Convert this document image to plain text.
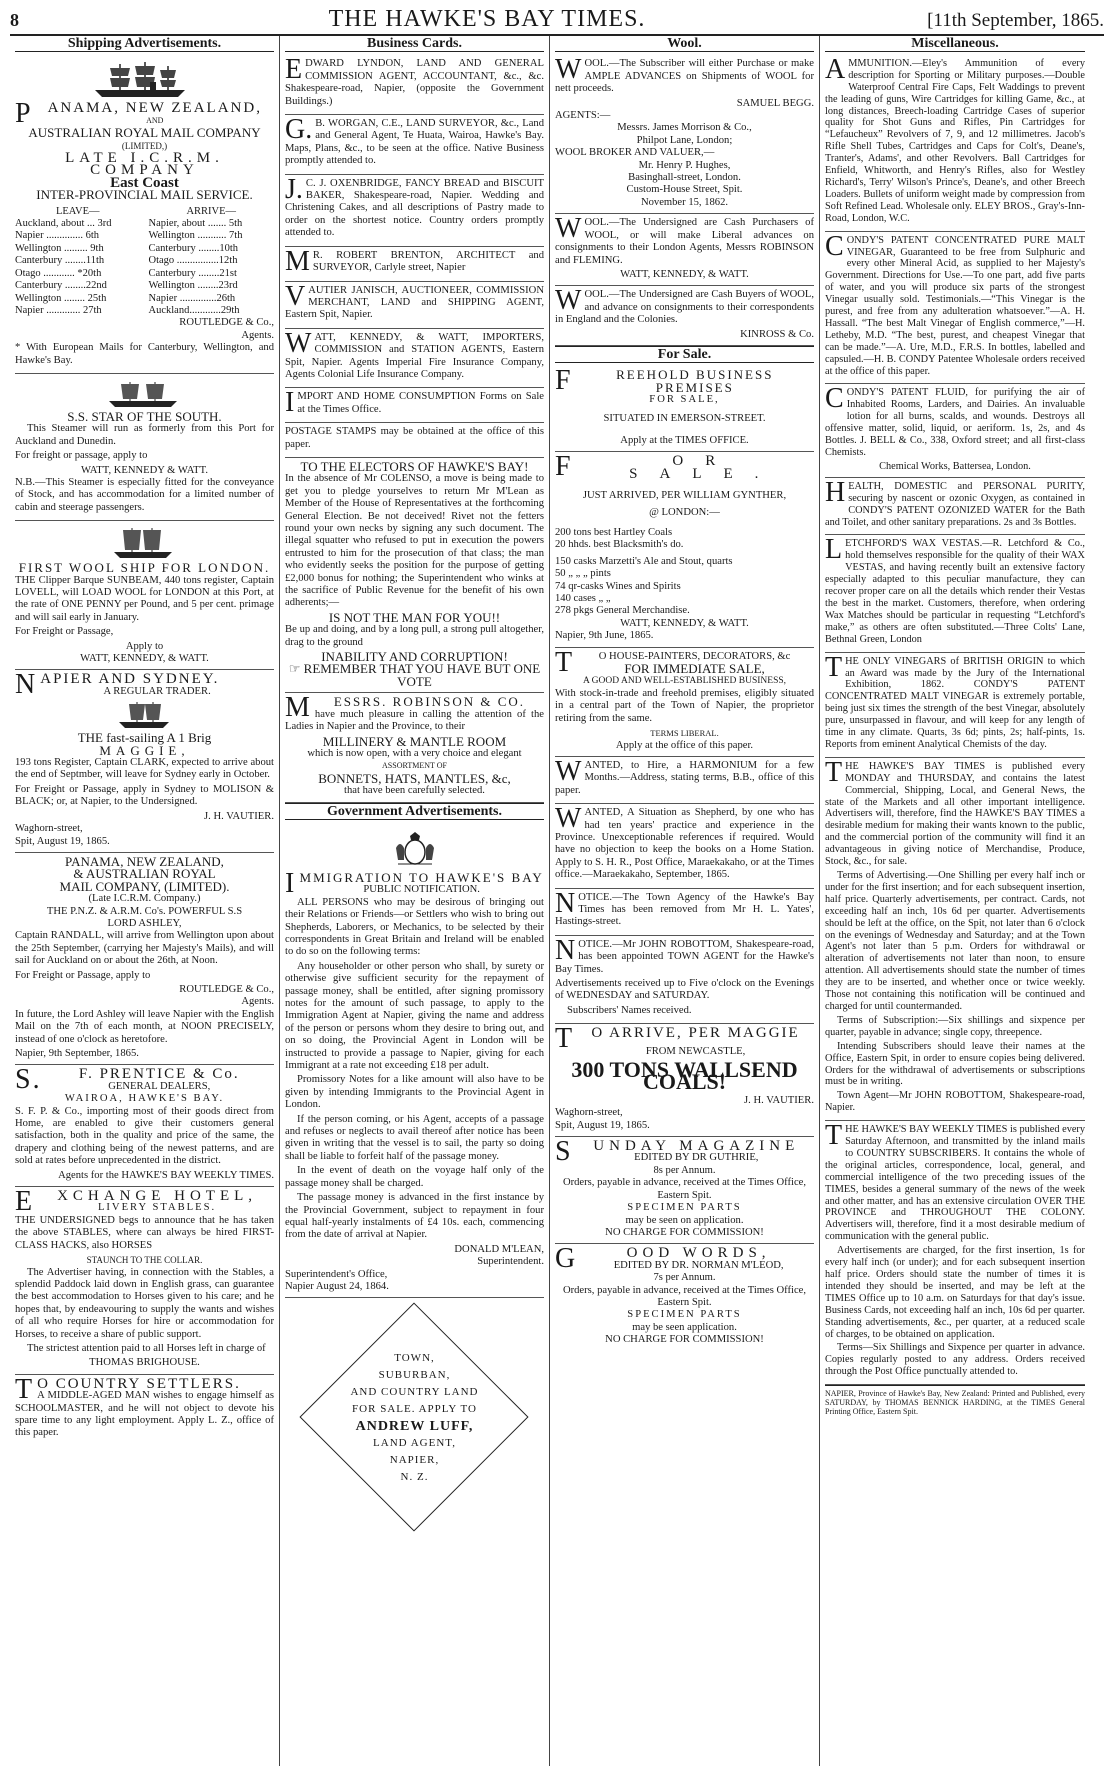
8	THE HAWKE'S BAY TIMES.	[11th September, 1865.
Shipping Advertisements.
PANAMA, NEW ZEALAND,
AND
AUSTRALIAN ROYAL MAIL COMPANY
(LIMITED,)
LATE I.C.R.M. COMPANY
East Coast
INTER-PROVINCIAL MAIL SERVICE.
LEAVE—	ARRIVE—
Auckland, about ... 3rd	Napier, about ....... 5th
Napier .............. 6th	Wellington ........... 7th
Wellington ......... 9th	Canterbury ........10th
Canterbury ........11th	Otago ................12th
Otago ............ *20th	Canterbury ........21st
Canterbury ........22nd	Wellington ........23rd
Wellington ........ 25th	Napier ..............26th
Napier ............. 27th	Auckland............29th
ROUTLEDGE & Co.,
Agents.

* With European Mails for Canterbury, Wellington, and Hawke's Bay.

S.S. STAR OF THE SOUTH.

This Steamer will run as formerly from this Port for Auckland and Dunedin.

For freight or passage, apply to

WATT, KENNEDY & WATT.

N.B.—This Steamer is especially fitted for the conveyance of Stock, and has accommodation for a limited number of cabin and steerage passengers.

FIRST WOOL SHIP FOR LONDON.

THE Clipper Barque SUNBEAM, 440 tons register, Captain LOVELL, will LOAD WOOL for LONDON at this Port, at the rate of ONE PENNY per Pound, and 5 per cent. primage and will sail early in January.

For Freight or Passage,

Apply to
WATT, KENNEDY, & WATT.
NAPIER AND SYDNEY.
A REGULAR TRADER.
THE fast-sailing A 1 Brig
MAGGIE,

193 tons Register, Captain CLARK, expected to arrive about the end of Septmber, will leave for Sydney early in October.

For Freight or Passage, apply in Sydney to MOLISON & BLACK; or, at Napier, to the Undersigned.

J. H. VAUTIER.
Waghorn-street,
Spit, August 19, 1865.
PANAMA, NEW ZEALAND,
& AUSTRALIAN ROYAL
MAIL COMPANY, (LIMITED).
(Late I.C.R.M. Company.)
THE P.N.Z. & A.R.M. Co's. POWERFUL S.S
LORD ASHLEY,

Captain RANDALL, will arrive from Wellington upon about the 25th September, (carrying her Majesty's Mails), and will sail for Auckland on or about the 26th, at Noon.

For Freight or Passage, apply to

ROUTLEDGE & Co.,
Agents.

In future, the Lord Ashley will leave Napier with the English Mail on the 7th of each month, at NOON PRECISELY, instead of one o'clock as heretofore.

Napier, 9th September, 1865.
S.F. PRENTICE & Co.
GENERAL DEALERS,
WAIROA, HAWKE'S BAY.

S. F. P. & Co., importing most of their goods direct from Home, are enabled to give their customers general satisfaction, both in the quality and price of the same, the drapery and clothing being of the newest patterns, and are sold at rates before unprecedented in the district.

Agents for the HAWKE'S BAY WEEKLY TIMES.
EXCHANGE HOTEL,
LIVERY STABLES.

THE UNDERSIGNED begs to announce that he has taken the above STABLES, where can always be hired FIRST-CLASS HACKS, also HORSES

STAUNCH TO THE COLLAR.

The Advertiser having, in connection with the Stables, a splendid Paddock laid down in English grass, can guarantee the best accommodation to Horses given to his care; and he hopes that, by endeavouring to supply the wants and wishes of all who require Horses for hire or accommodation for Horses, to receive a share of public support.

The strictest attention paid to all Horses left in charge of

THOMAS BRIGHOUSE.
TO COUNTRY SETTLERS.

A MIDDLE-AGED MAN wishes to engage himself as SCHOOLMASTER, and he will not object to devote his spare time to any light employment. Apply L. Z., office of this paper.

Business Cards.

EDWARD LYNDON, LAND AND GENERAL COMMISSION AGENT, ACCOUNTANT, &c., &c. Shakespeare-road, Napier, (opposite the Government Buildings.)

G.B. WORGAN, C.E., LAND SURVEYOR, &c., Land and General Agent, Te Huata, Wairoa, Hawke's Bay. Maps, Plans, &c., to be seen at the office. Native Business promptly attended to.

J.C. J. OXENBRIDGE, FANCY BREAD and BISCUIT BAKER, Shakespeare-road, Napier. Wedding and Christening Cakes, and all descriptions of Pastry made to order on the shortest notice. Country orders promptly attended to.

MR. ROBERT BRENTON, ARCHITECT and SURVEYOR, Carlyle street, Napier

VAUTIER JANISCH, AUCTIONEER, COMMISSION MERCHANT, LAND and SHIPPING AGENT, Eastern Spit, Napier.

WATT, KENNEDY, & WATT, IMPORTERS, COMMISSION and STATION AGENTS, Eastern Spit, Napier. Agents Imperial Fire Insurance Company, Agents Colonial Life Insurance Company.

IMPORT AND HOME CONSUMPTION Forms on Sale at the Times Office.

POSTAGE STAMPS may be obtained at the office of this paper.

TO THE ELECTORS OF HAWKE'S BAY!

In the absence of Mr COLENSO, a move is being made to get you to pledge yourselves to return Mr M'Lean as Member of the House of Representatives at the forthcoming General Election. Be not deceived! Rivet not the fetters round your own necks by signing any such document. The illegal squatter who refused to put in execution the powers entrusted to him for the prosecution of that class; the man who evidently seeks the position for the purpose of getting £2,000 bonus for nothing; the Superintendent who winks at the sacrifice of Public Revenue for the benefit of his own adherents;—

IS NOT THE MAN FOR YOU!!

Be up and doing, and by a long pull, a strong pull altogether, drag to the ground

INABILITY AND CORRUPTION!
☞ REMEMBER THAT YOU HAVE BUT ONE VOTE
MESSRS. ROBINSON & CO.

have much pleasure in calling the attention of the Ladies in Napier and the Province, to their

MILLINERY & MANTLE ROOM
which is now open, with a very choice and elegant
ASSORTMENT OF
BONNETS, HATS, MANTLES, &c,
that have been carefully selected.
Government Advertisements.
IMMIGRATION TO HAWKE'S BAY
PUBLIC NOTIFICATION.

ALL PERSONS who may be desirous of bringing out their Relations or Friends—or Settlers who wish to bring out Shepherds, Laborers, or Mechanics, to be selected by their correspondents in Great Britain and Ireland will be enabled to do so on the following terms:

Any householder or other person who shall, by surety or otherwise give sufficient security for the repayment of passage money, shall be entitled, after signing promissory notes for the amount of such passage, to apply to the Immigration Agent at Napier, giving the name and address of the person or persons whom they desire to bring out, and on so doing, the Provincial Agent in London will be instructed to provide a passage to Napier, giving for each Immigrant at a rate not exceeding £18 per adult.

Promissory Notes for a like amount will also have to be given by intending Immigrants to the Provincial Agent in London.

If the person coming, or his Agent, accepts of a passage and refuses or neglects to avail thereof after notice has been given in writing that the vessel is to sail, the party so doing shall be liable to forfeit half of the passage money.

In the event of death on the voyage half only of the passage money shall be charged.

The passage money is advanced in the first instance by the Provincial Government, subject to repayment in four equal half-yearly instalments of £4 10s. each, commencing from the date of arrival at Napier.

DONALD M'LEAN,
Superintendent.
Superintendent's Office,
Napier August 24, 1864.
TOWN,
SUBURBAN,
AND COUNTRY LAND
FOR SALE. APPLY TO
ANDREW LUFF,
LAND AGENT,
NAPIER,
N. Z.
Wool.

WOOL.—The Subscriber will either Purchase or make AMPLE ADVANCES on Shipments of WOOL for nett proceeds.

SAMUEL BEGG.
AGENTS:—
Messrs. James Morrison & Co.,
Philpot Lane, London;
WOOL BROKER AND VALUER,—
Mr. Henry P. Hughes,
Basinghall-street, London.
Custom-House Street, Spit.
November 15, 1862.

WOOL.—The Undersigned are Cash Purchasers of WOOL, or will make Liberal advances on consignments to their London Agents, Messrs ROBINSON and FLEMING.

WATT, KENNEDY, & WATT.

WOOL.—The Undersigned are Cash Buyers of WOOL, and advance on consignments to their correspondents in England and the Colonies.

KINROSS & Co.
For Sale.
FREEHOLD BUSINESS PREMISES
FOR SALE,
SITUATED IN EMERSON-STREET.
Apply at the TIMES OFFICE.
FOR SALE.
JUST ARRIVED, PER WILLIAM GYNTHER,
@ LONDON:—
200 tons best Hartley Coals
20 hhds. best Blacksmith's do.
150 casks Marzetti's Ale and Stout, quarts
50 „ „ „ pints
74 qr-casks Wines and Spirits
140 cases „ „
278 pkgs General Merchandise.
WATT, KENNEDY, & WATT.
Napier, 9th June, 1865.
TO HOUSE-PAINTERS, DECORATORS, &c
FOR IMMEDIATE SALE,
A GOOD AND WELL-ESTABLISHED BUSINESS,

With stock-in-trade and freehold premises, eligibly situated in a central part of the Town of Napier, the proprietor retiring from the same.

TERMS LIBERAL.
Apply at the office of this paper.

WANTED, to Hire, a HARMONIUM for a few Months.—Address, stating terms, B.B., office of this paper.

WANTED, A Situation as Shepherd, by one who has had ten years' practice and experience in the Province. Unexceptionable references if required. Would have no objection to keep the books on a Home Station. Apply to S. H. R., Post Office, Maraekakaho, or at the Times office.—Maraekakaho, September, 1865.

NOTICE.—The Town Agency of the Hawke's Bay Times has been removed from Mr H. L. Yates', Hastings-street.

NOTICE.—Mr JOHN ROBOTTOM, Shakespeare-road, has been appointed TOWN AGENT for the Hawke's Bay Times.

Advertisements received up to Five o'clock on the Evenings of WEDNESDAY and SATURDAY.

Subscribers' Names received.

TO ARRIVE, PER MAGGIE
FROM NEWCASTLE,
300 TONS WALLSEND COALS!
J. H. VAUTIER.
Waghorn-street,
Spit, August 19, 1865.
SUNDAY MAGAZINE
EDITED BY DR GUTHRIE,
8s per Annum.
Orders, payable in advance, received at the Times Office, Eastern Spit.
SPECIMEN PARTS
may be seen on application.
NO CHARGE FOR COMMISSION!
GOOD WORDS,
EDITED BY DR. NORMAN M'LEOD,
7s per Annum.
Orders, payable in advance, received at the Times Office, Eastern Spit.
SPECIMEN PARTS
may be seen application.
NO CHARGE FOR COMMISSION!
Miscellaneous.

AMMUNITION.—Eley's Ammunition of every description for Sporting or Military purposes.—Double Waterproof Central Fire Caps, Felt Waddings to prevent the leading of guns, Wire Cartridges for killing Game, &c., at long distances, Breech-loading Cartridge Cases of superior quality for Shot Guns and Rifles, Pin Cartridges for “Lefaucheux” Revolvers of 7, 9, and 12 millimetres. Jacob's Rifle Shell Tubes, Cartridges and Caps for Colt's, Deane's, Tranter's, Adams', and other Revolvers. Ball Cartridges for Enfield, Whitworth, and Henry's Rifles, also for Westley Richard's, Terry' Wilson's Prince's, Deane's, and other Breech Loaders. Bullets of uniform weight made by compression from Soft Refined Lead. Wholesale only. ELEY BROS., Gray's-Inn-Road, London, W.C.

CONDY'S PATENT CONCENTRATED PURE MALT VINEGAR, Guaranteed to be free from Sulphuric and every other Mineral Acid, as supplied to her Majesty's Government. Directions for Use.—To one part, add five parts of water, and you will produce six parts of the strongest Vinegar usually sold. Testimonials.—“This Vinegar is the purest, and free from any adulteration whatsoever.”—A. H. Hassall. “The best Malt Vinegar of English commerce,”—H. Letheby, M.D. “The best, purest, and cheapest Vinegar that can be made.”—A. Ure, M.D., F.R.S. In bottles, labelled and capsuled.—H. B. CONDY Patentee Wholesale orders received at the office of this paper.

CONDY'S PATENT FLUID, for purifying the air of Inhabited Rooms, Larders, and Dairies. An invaluable lotion for all burns, scalds, and wounds. Destroys all offensive matter, solid, liquid, or aeriform. 1s, 2s, and 4s Bottles. J. BELL & Co., 338, Oxford street; and all first-class Chemists.

Chemical Works, Battersea, London.

HEALTH, DOMESTIC and PERSONAL PURITY, securing by nascent or ozonic Oxygen, as contained in CONDY'S PATENT OZONIZED WATER for the Bath and Toilet, and other sanitary preparations. 2s and 3s Bottles.

LETCHFORD'S WAX VESTAS.—R. Letchford & Co., hold themselves responsible for the quality of their WAX VESTAS, and having recently built an extensive factory especially adapted to this peculiar manufacture, they can recover proper care on all the details which render their Vestas the best in the market. Customers, therefore, when ordering Wax Matches should be particular in requesting “Letchford's make,” as others are often substituted.—Three Colts' Lane, Bethnal Green, London

THE ONLY VINEGARS of BRITISH ORIGIN to which an Award was made by the Jury of the International Exhibition, 1862. CONDY'S PATENT CONCENTRATED MALT VINEGAR is extremely portable, being just six times the strength of the best Vinegar, absolutely pure, unsurpassed in flavour, and will keep for any length of time in any climate. Quarts, 3s 6d; pints, 2s; half-pints, 1s. Reports from eminent Analytical Chemists of the day.

THE HAWKE'S BAY TIMES is published every MONDAY and THURSDAY, and contains the latest Commercial, Shipping, Local, and General News, the state of the Markets and all other important intelligence. Advertisers will, therefore, find the HAWKE'S BAY TIMES a desirable medium for making their wants known to the public, and the commercial portion of the community will find it an advantageous in giving notice of Merchandise, Produce, Stock, &c., for sale.

Terms of Advertising.—One Shilling per every half inch or under for the first insertion; and for each subsequent insertion, half price. Quarterly advertisements, per contract. Cards, not exceeding half an inch, 10s 6d per quarter. Advertisements should be left at the office, on the Spit, not later than 6 o'clock on the evenings of Wednesday and Saturday; and at the Town Agent's not later than 5 p.m. Orders for withdrawal or alteration of advertisements not later than noon, to ensure attention. All advertisements should state the number of times they are to be inserted, and whether once or twice weekly. Those not containing this notification will be continued and charged for until countermanded.

Terms of Subscription:—Six shillings and sixpence per quarter, payable in advance; single copy, threepence.

Intending Subscribers should leave their names at the Office, Eastern Spit, in order to ensure copies being delivered. Orders for the withdrawal of advertisements or subscriptions must be in writing.

Town Agent—Mr JOHN ROBOTTOM, Shakespeare-road, Napier.

THE HAWKE'S BAY WEEKLY TIMES is published every Saturday Afternoon, and transmitted by the inland mails to COUNTRY SUBSCRIBERS. It contains the whole of the original articles, correspondence, local, general, and commercial intelligence of the two preceding issues of the TIMES, besides a general summary of the news of the week and other matter, and has an extensive circulation OVER THE PROVINCE and THROUGHOUT THE COLONY. Advertisers will, therefore, find it a most desirable medium of communication with the general public.

Advertisements are charged, for the first insertion, 1s for every half inch (or under); and for each subsequent insertion half price. Orders should state the number of times it is intended they should be inserted, and may be left at the TIMES Office up to 10 a.m. on Saturdays for that day's issue. Business Cards, not exceeding half an inch, 10s 6d per quarter. Standing advertisements, &c., per quarter, at a reduced scale of charges, to be obtained on application.

Terms—Six Shillings and Sixpence per quarter in advance. Copies regularly posted to any address. Orders received through the Post Office punctually attended to.

NAPIER, Province of Hawke's Bay, New Zealand: Printed and Published, every SATURDAY, by THOMAS BENNICK HARDING, at the TIMES General Printing Office, Eastern Spit.
